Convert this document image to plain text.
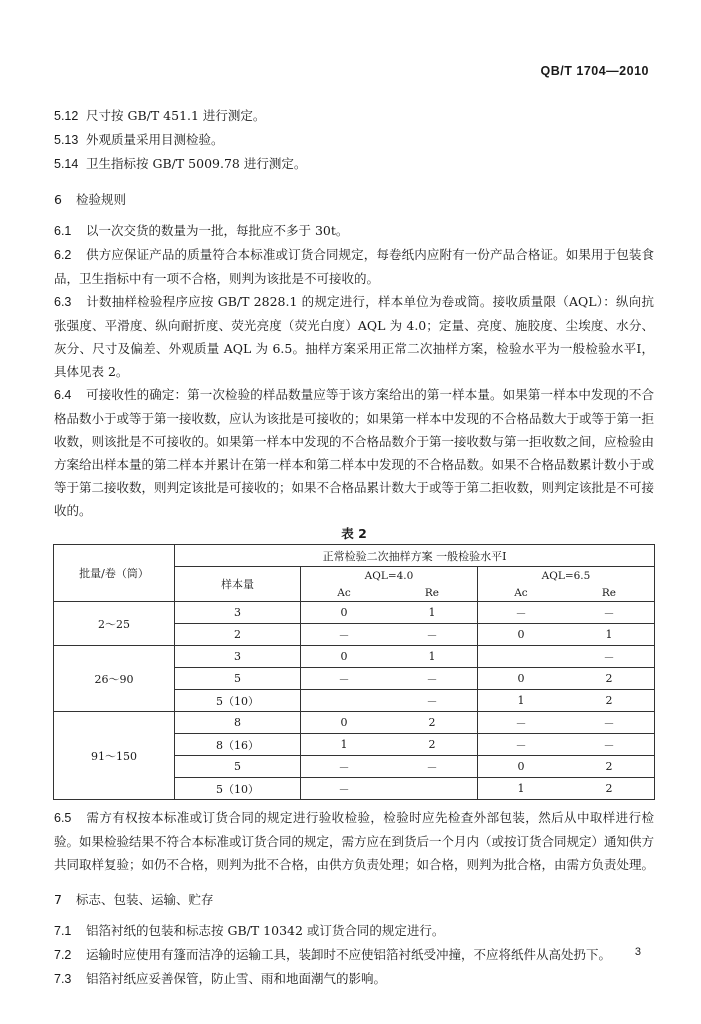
QB/T 1704—2010

5.12 尺寸按 GB/T 451.1 进行测定。

5.13 外观质量采用目测检验。

5.14 卫生指标按 GB/T 5009.78 进行测定。

6 检验规则

6.1 以一次交货的数量为一批，每批应不多于 30t。

6.2 供方应保证产品的质量符合本标准或订货合同规定，每卷纸内应附有一份产品合格证。如果用于包装食品，卫生指标中有一项不合格，则判为该批是不可接收的。

6.3 计数抽样检验程序应按 GB/T 2828.1 的规定进行，样本单位为卷或筒。接收质量限（AQL）：纵向抗张强度、平滑度、纵向耐折度、荧光亮度（荧光白度）AQL 为 4.0；定量、亮度、施胶度、尘埃度、水分、灰分、尺寸及偏差、外观质量 AQL 为 6.5。抽样方案采用正常二次抽样方案，检验水平为一般检验水平Ⅰ，具体见表 2。

6.4 可接收性的确定：第一次检验的样品数量应等于该方案给出的第一样本量。如果第一样本中发现的不合格品数小于或等于第一接收数，应认为该批是可接收的；如果第一样本中发现的不合格品数大于或等于第一拒收数，则该批是不可接收的。如果第一样本中发现的不合格品数介于第一接收数与第一拒收数之间，应检验由方案给出样本量的第二样本并累计在第一样本和第二样本中发现的不合格品数。如果不合格品数累计数小于或等于第二接收数，则判定该批是可接收的；如果不合格品累计数大于或等于第二拒收数，则判定该批是不可接收的。

表 2
批量/卷（筒）	正常检验二次抽样方案 一般检验水平Ⅰ				
	样本量	AQL=4.0		AQL=6.5	
		Ac	Re	Ac	Re
2～25	3	0	1	－	－
	2	－	－	0	1
26～90	3	0	1		－
	5	－	－	0	2
	5（10）		－	1	2
91～150	8	0	2	－	－
	8（16）	1	2	－	－
	5	－	－	0	2
	5（10）	－		1	2

6.5 需方有权按本标准或订货合同的规定进行验收检验，检验时应先检查外部包装，然后从中取样进行检验。如果检验结果不符合本标准或订货合同的规定，需方应在到货后一个月内（或按订货合同规定）通知供方共同取样复验；如仍不合格，则判为批不合格，由供方负责处理；如合格，则判为批合格，由需方负责处理。

7 标志、包装、运输、贮存

7.1 铝箔衬纸的包装和标志按 GB/T 10342 或订货合同的规定进行。

7.2 运输时应使用有篷而洁净的运输工具，装卸时不应使铝箔衬纸受冲撞，不应将纸件从高处扔下。

7.3 铝箔衬纸应妥善保管，防止雪、雨和地面潮气的影响。

3
